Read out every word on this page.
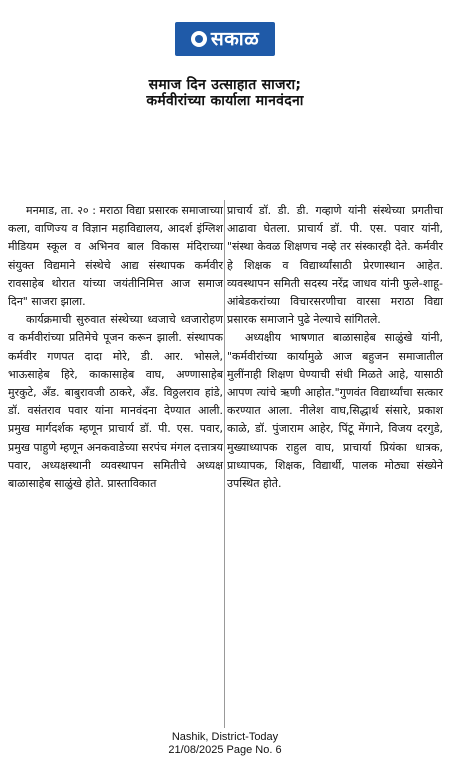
सकाळ
समाज दिन उत्साहात साजरा;
कर्मवीरांच्या कार्याला मानवंदना

मनमाड, ता. २० : मराठा विद्या प्रसारक समाजाच्या कला, वाणिज्य व विज्ञान महाविद्यालय, आदर्श इंग्लिश मीडियम स्कूल व अभिनव बाल विकास मंदिराच्या संयुक्त विद्यमाने संस्थेचे आद्य संस्थापक कर्मवीर रावसाहेब थोरात यांच्या जयंतीनिमित्त आज समाज दिन" साजरा झाला.

कार्यक्रमाची सुरुवात संस्थेच्या ध्वजाचे ध्वजारोहण व कर्मवीरांच्या प्रतिमेचे पूजन करून झाली. संस्थापक कर्मवीर गणपत दादा मोरे, डी. आर. भोसले, भाऊसाहेब हिरे, काकासाहेब वाघ, अण्णासाहेब मुरकुटे, अँड. बाबुरावजी ठाकरे, अँड. विठ्ठलराव हांडे, डॉ. वसंतराव पवार यांना मानवंदना देण्यात आली. प्रमुख मार्गदर्शक म्हणून प्राचार्य डॉ. पी. एस. पवार, प्रमुख पाहुणे म्हणून अनकवाडेच्या सरपंच मंगल दत्तात्रय पवार, अध्यक्षस्थानी व्यवस्थापन समितीचे अध्यक्ष बाळासाहेब साळुंखे होते. प्रास्ताविकात

प्राचार्य डॉ. डी. डी. गव्हाणे यांनी संस्थेच्या प्रगतीचा आढावा घेतला. प्राचार्य डॉ. पी. एस. पवार यांनी, "संस्था केवळ शिक्षणच नव्हे तर संस्कारही देते. कर्मवीर हे शिक्षक व विद्यार्थ्यांसाठी प्रेरणास्थान आहेत. व्यवस्थापन समिती सदस्य नरेंद्र जाधव यांनी फुले-शाहू-आंबेडकरांच्या विचारसरणीचा वारसा मराठा विद्या प्रसारक समाजाने पुढे नेल्याचे सांगितले.

अध्यक्षीय भाषणात बाळासाहेब साळुंखे यांनी, "कर्मवीरांच्या कार्यामुळे आज बहुजन समाजातील मुलींनाही शिक्षण घेण्याची संधी मिळते आहे, यासाठी आपण त्यांचे ऋणी आहोत."गुणवंत विद्यार्थ्यांचा सत्कार करण्यात आला. नीलेश वाघ,सिद्धार्थ संसारे, प्रकाश काळे, डॉ. पुंजाराम आहेर, पिंटू मेंगाने, विजय दरगुडे, मुख्याध्यापक राहुल वाघ, प्राचार्या प्रियंका धात्रक, प्राध्यापक, शिक्षक, विद्यार्थी, पालक मोठ्या संख्येने उपस्थित होते.

Nashik, District-Today
21/08/2025 Page No. 6
